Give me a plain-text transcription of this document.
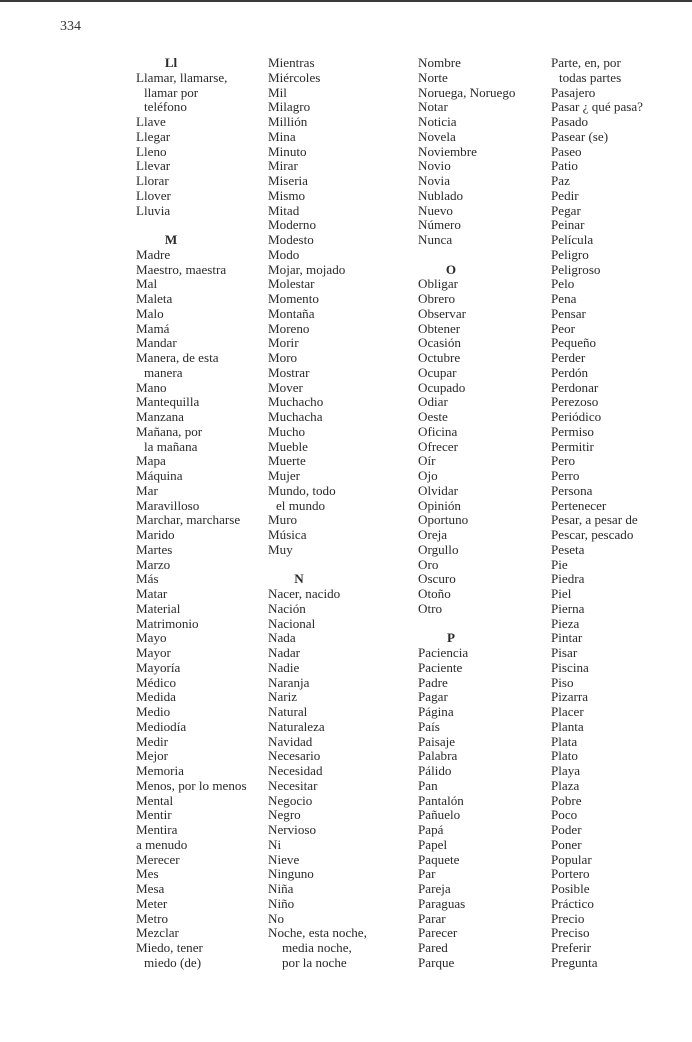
334
Ll
Llamar, llamarse,
llamar por
teléfono
Llave
Llegar
Lleno
Llevar
Llorar
Llover
Lluvia
M
Madre
Maestro, maestra
Mal
Maleta
Malo
Mamá
Mandar
Manera, de esta
manera
Mano
Mantequilla
Manzana
Mañana, por
la mañana
Mapa
Máquina
Mar
Maravilloso
Marchar, marcharse
Marido
Martes
Marzo
Más
Matar
Material
Matrimonio
Mayo
Mayor
Mayoría
Médico
Medida
Medio
Mediodía
Medir
Mejor
Memoria
Menos, por lo menos
Mental
Mentir
Mentira
a menudo
Merecer
Mes
Mesa
Meter
Metro
Mezclar
Miedo, tener
miedo (de)
Mientras
Miércoles
Mil
Milagro
Millión
Mina
Minuto
Mirar
Miseria
Mismo
Mitad
Moderno
Modesto
Modo
Mojar, mojado
Molestar
Momento
Montaña
Moreno
Morir
Moro
Mostrar
Mover
Muchacho
Muchacha
Mucho
Mueble
Muerte
Mujer
Mundo, todo
el mundo
Muro
Música
Muy
N
Nacer, nacido
Nación
Nacional
Nada
Nadar
Nadie
Naranja
Nariz
Natural
Naturaleza
Navidad
Necesario
Necesidad
Necesitar
Negocio
Negro
Nervioso
Ni
Nieve
Ninguno
Niña
Niño
No
Noche, esta noche,
media noche,
por la noche
Nombre
Norte
Noruega, Noruego
Notar
Noticia
Novela
Noviembre
Novio
Novia
Nublado
Nuevo
Número
Nunca
O
Obligar
Obrero
Observar
Obtener
Ocasión
Octubre
Ocupar
Ocupado
Odiar
Oeste
Oficina
Ofrecer
Oír
Ojo
Olvidar
Opinión
Oportuno
Oreja
Orgullo
Oro
Oscuro
Otoño
Otro
P
Paciencia
Paciente
Padre
Pagar
Página
País
Paisaje
Palabra
Pálido
Pan
Pantalón
Pañuelo
Papá
Papel
Paquete
Par
Pareja
Paraguas
Parar
Parecer
Pared
Parque
Parte, en, por
todas partes
Pasajero
Pasar ¿ qué pasa?
Pasado
Pasear (se)
Paseo
Patio
Paz
Pedir
Pegar
Peinar
Película
Peligro
Peligroso
Pelo
Pena
Pensar
Peor
Pequeño
Perder
Perdón
Perdonar
Perezoso
Periódico
Permiso
Permitir
Pero
Perro
Persona
Pertenecer
Pesar, a pesar de
Pescar, pescado
Peseta
Pie
Piedra
Piel
Pierna
Pieza
Pintar
Pisar
Piscina
Piso
Pizarra
Placer
Planta
Plata
Plato
Playa
Plaza
Pobre
Poco
Poder
Poner
Popular
Portero
Posible
Práctico
Precio
Preciso
Preferir
Pregunta
